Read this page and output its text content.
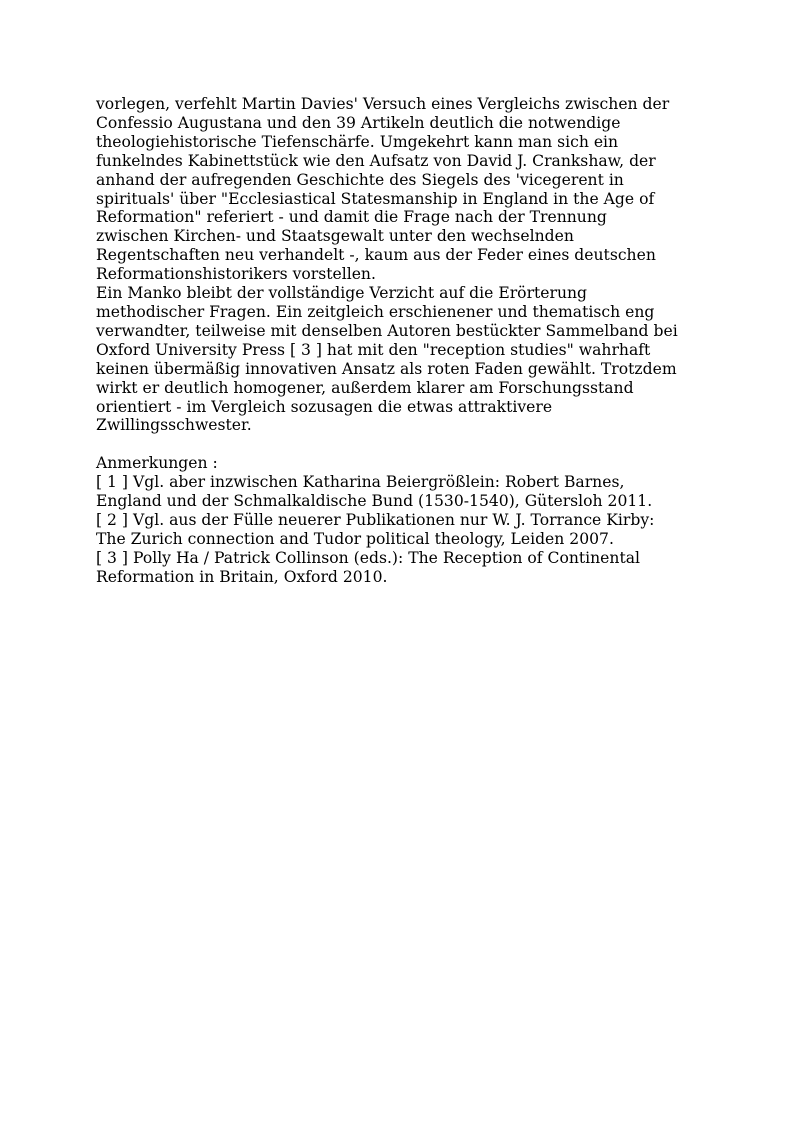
vorlegen, verfehlt Martin Davies' Versuch eines Vergleichs zwischen der
Confessio Augustana und den 39 Artikeln deutlich die notwendige
theologiehistorische Tiefenschärfe. Umgekehrt kann man sich ein
funkelndes Kabinettstück wie den Aufsatz von David J. Crankshaw, der
anhand der aufregenden Geschichte des Siegels des 'vicegerent in
spirituals' über "Ecclesiastical Statesmanship in England in the Age of
Reformation" referiert - und damit die Frage nach der Trennung
zwischen Kirchen- und Staatsgewalt unter den wechselnden
Regentschaften neu verhandelt -, kaum aus der Feder eines deutschen
Reformationshistorikers vorstellen.
Ein Manko bleibt der vollständige Verzicht auf die Erörterung
methodischer Fragen. Ein zeitgleich erschienener und thematisch eng
verwandter, teilweise mit denselben Autoren bestückter Sammelband bei
Oxford University Press [ 3 ] hat mit den "reception studies" wahrhaft
keinen übermäßig innovativen Ansatz als roten Faden gewählt. Trotzdem
wirkt er deutlich homogener, außerdem klarer am Forschungsstand
orientiert - im Vergleich sozusagen die etwas attraktivere
Zwillingsschwester.
Anmerkungen :
[ 1 ] Vgl. aber inzwischen Katharina Beiergrößlein: Robert Barnes,
England und der Schmalkaldische Bund (1530-1540), Gütersloh 2011.
[ 2 ] Vgl. aus der Fülle neuerer Publikationen nur W. J. Torrance Kirby:
The Zurich connection and Tudor political theology, Leiden 2007.
[ 3 ] Polly Ha / Patrick Collinson (eds.): The Reception of Continental
Reformation in Britain, Oxford 2010.
